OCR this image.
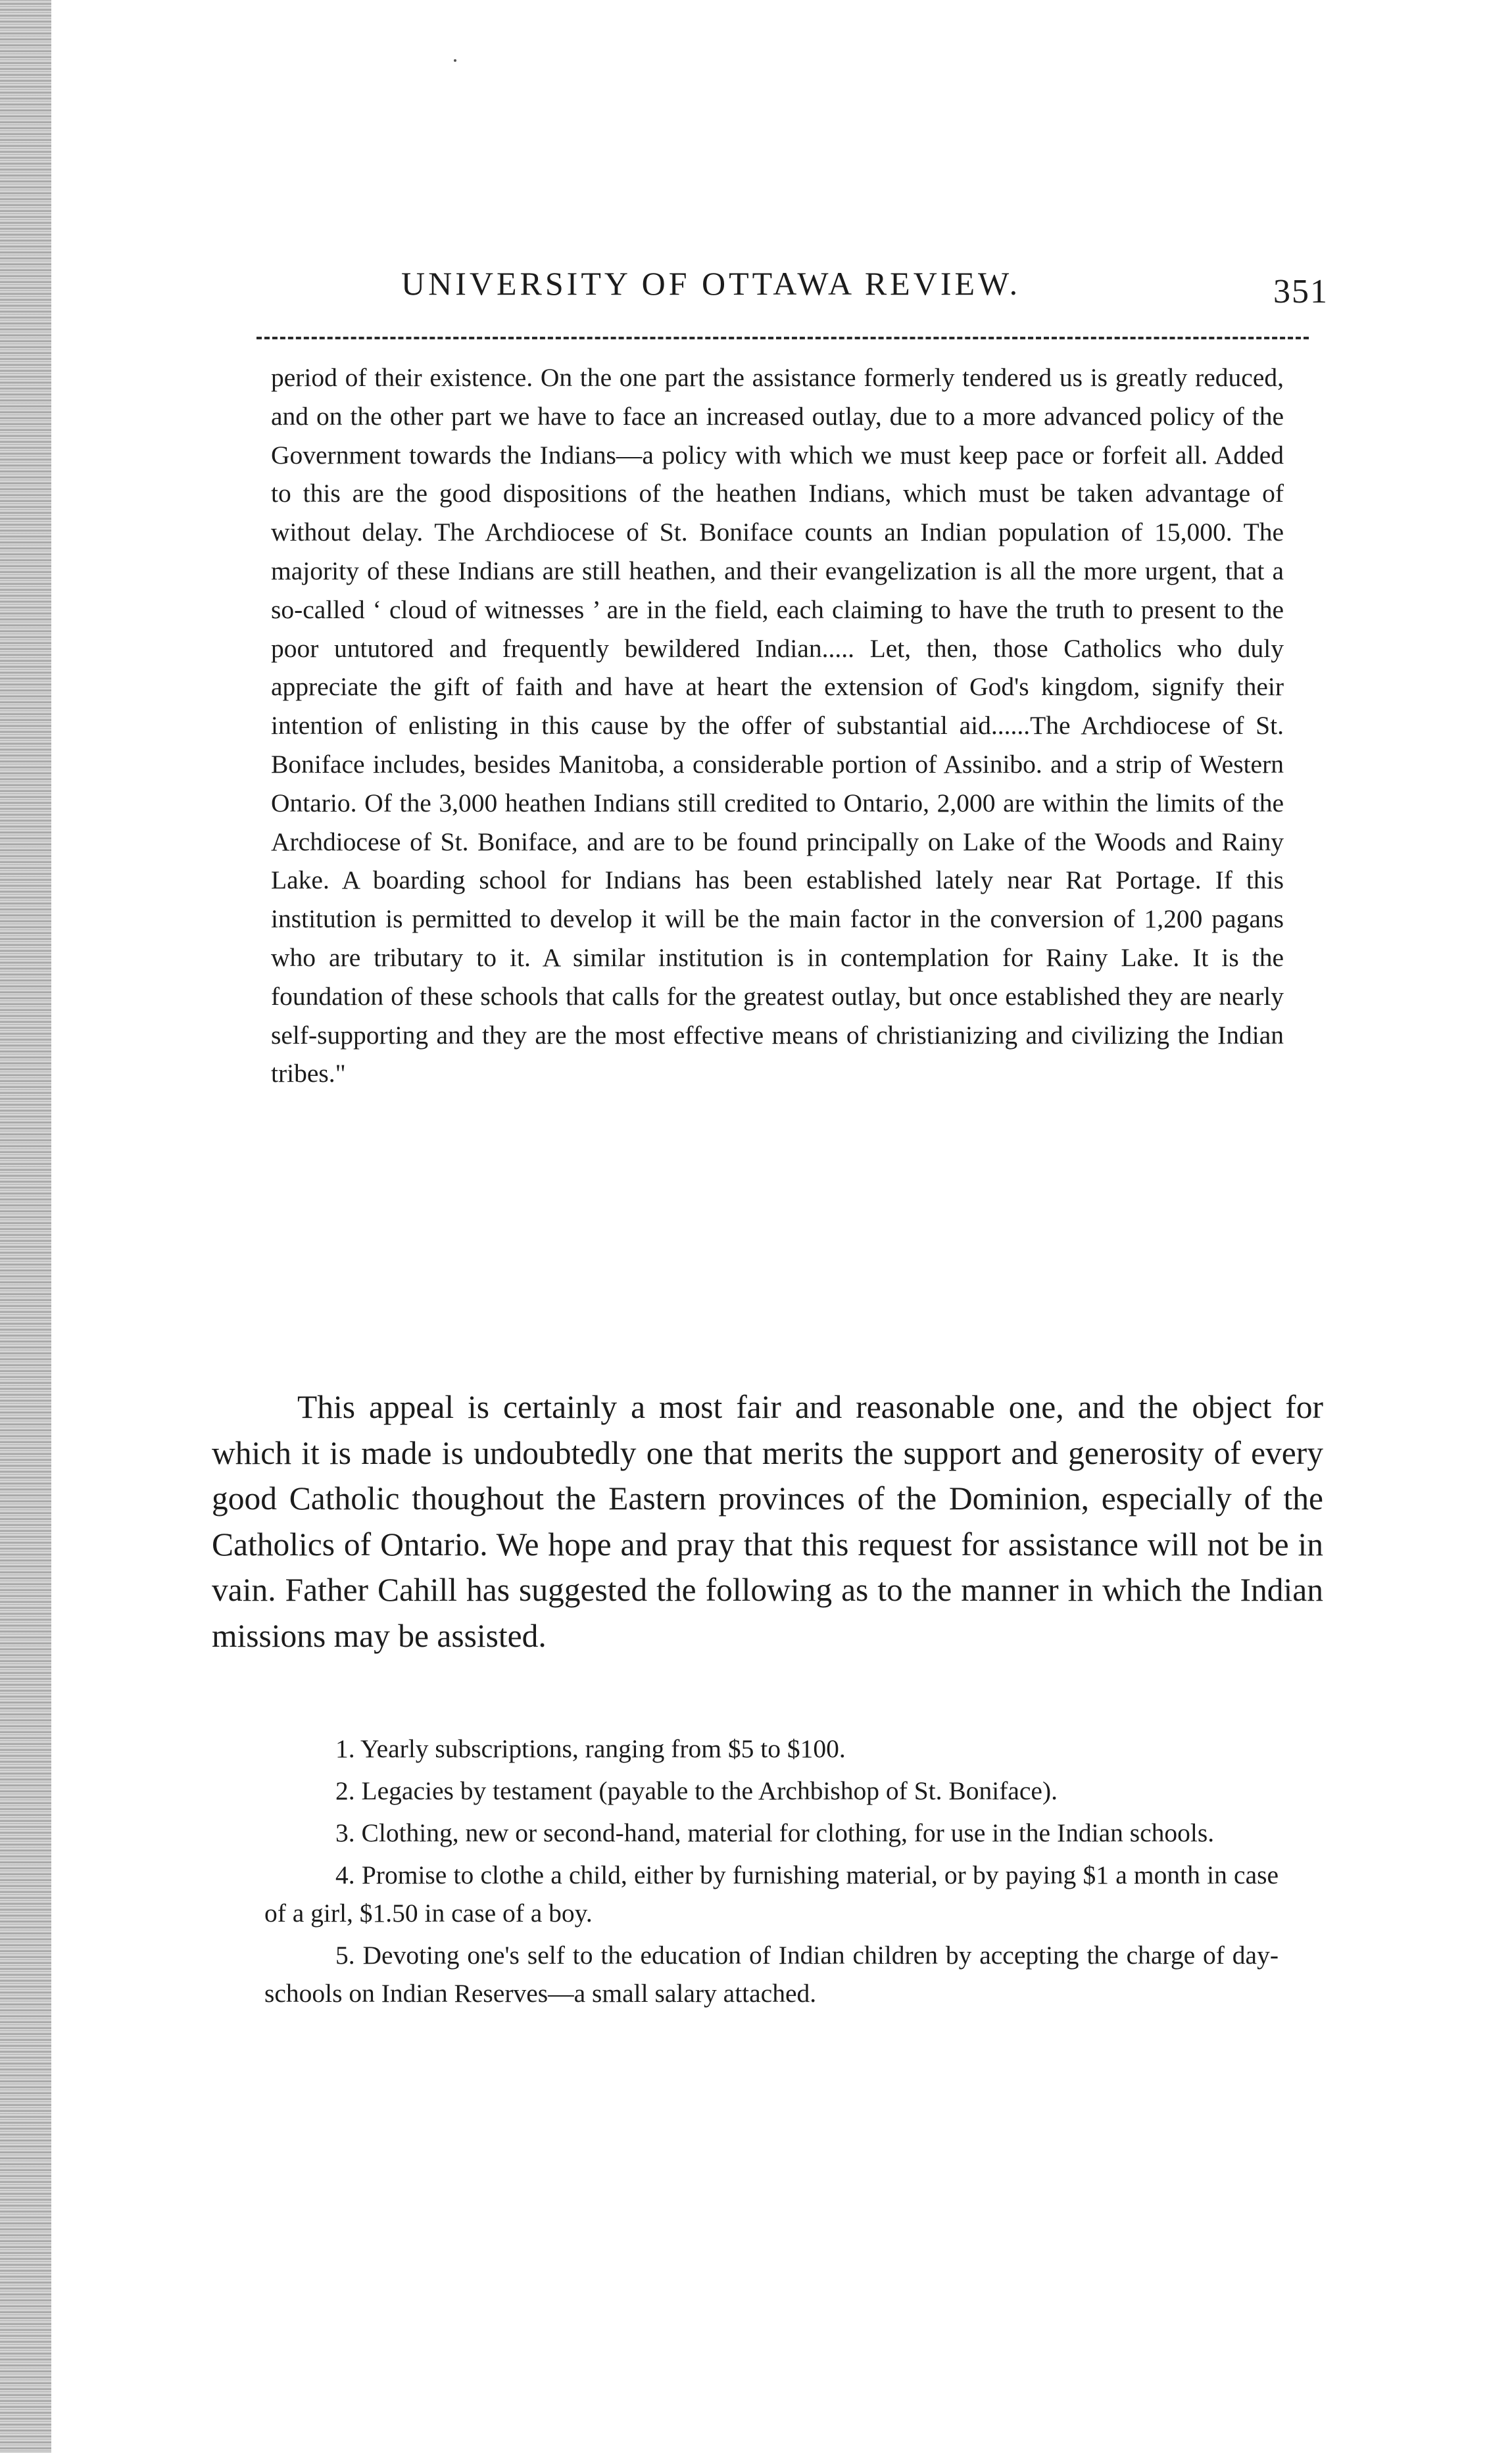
UNIVERSITY OF OTTAWA REVIEW.	351

period of their existence. On the one part the assistance formerly tendered us is greatly reduced, and on the other part we have to face an increased outlay, due to a more advanced policy of the Government towards the Indians—a policy with which we must keep pace or forfeit all. Added to this are the good dispositions of the heathen Indians, which must be taken advantage of without delay. The Archdiocese of St. Boniface counts an Indian population of 15,000. The majority of these Indians are still heathen, and their evangelization is all the more urgent, that a so-called ‘ cloud of witnesses ’ are in the field, each claiming to have the truth to present to the poor untutored and frequently bewildered Indian..... Let, then, those Catholics who duly appreciate the gift of faith and have at heart the extension of God's kingdom, signify their intention of enlisting in this cause by the offer of substantial aid......The Archdiocese of St. Boniface includes, besides Manitoba, a considerable portion of Assinibo. and a strip of Western Ontario. Of the 3,000 heathen Indians still credited to Ontario, 2,000 are within the limits of the Archdiocese of St. Boniface, and are to be found principally on Lake of the Woods and Rainy Lake. A boarding school for Indians has been established lately near Rat Portage. If this institution is permitted to develop it will be the main factor in the conversion of 1,200 pagans who are tributary to it. A similar institution is in contemplation for Rainy Lake. It is the foundation of these schools that calls for the greatest outlay, but once established they are nearly self-supporting and they are the most effective means of christianizing and civilizing the Indian tribes."

This appeal is certainly a most fair and reasonable one, and the object for which it is made is undoubtedly one that merits the support and generosity of every good Catholic thoughout the Eastern provinces of the Dominion, especially of the Catholics of Ontario. We hope and pray that this request for assistance will not be in vain. Father Cahill has suggested the following as to the manner in which the Indian missions may be assisted.

1. Yearly subscriptions, ranging from $5 to $100.
2. Legacies by testament (payable to the Archbishop of St. Boniface).
3. Clothing, new or second-hand, material for clothing, for use in the Indian schools.
4. Promise to clothe a child, either by furnishing material, or by paying $1 a month in case of a girl, $1.50 in case of a boy.
5. Devoting one's self to the education of Indian children by accepting the charge of day-schools on Indian Reserves—a small salary attached.
